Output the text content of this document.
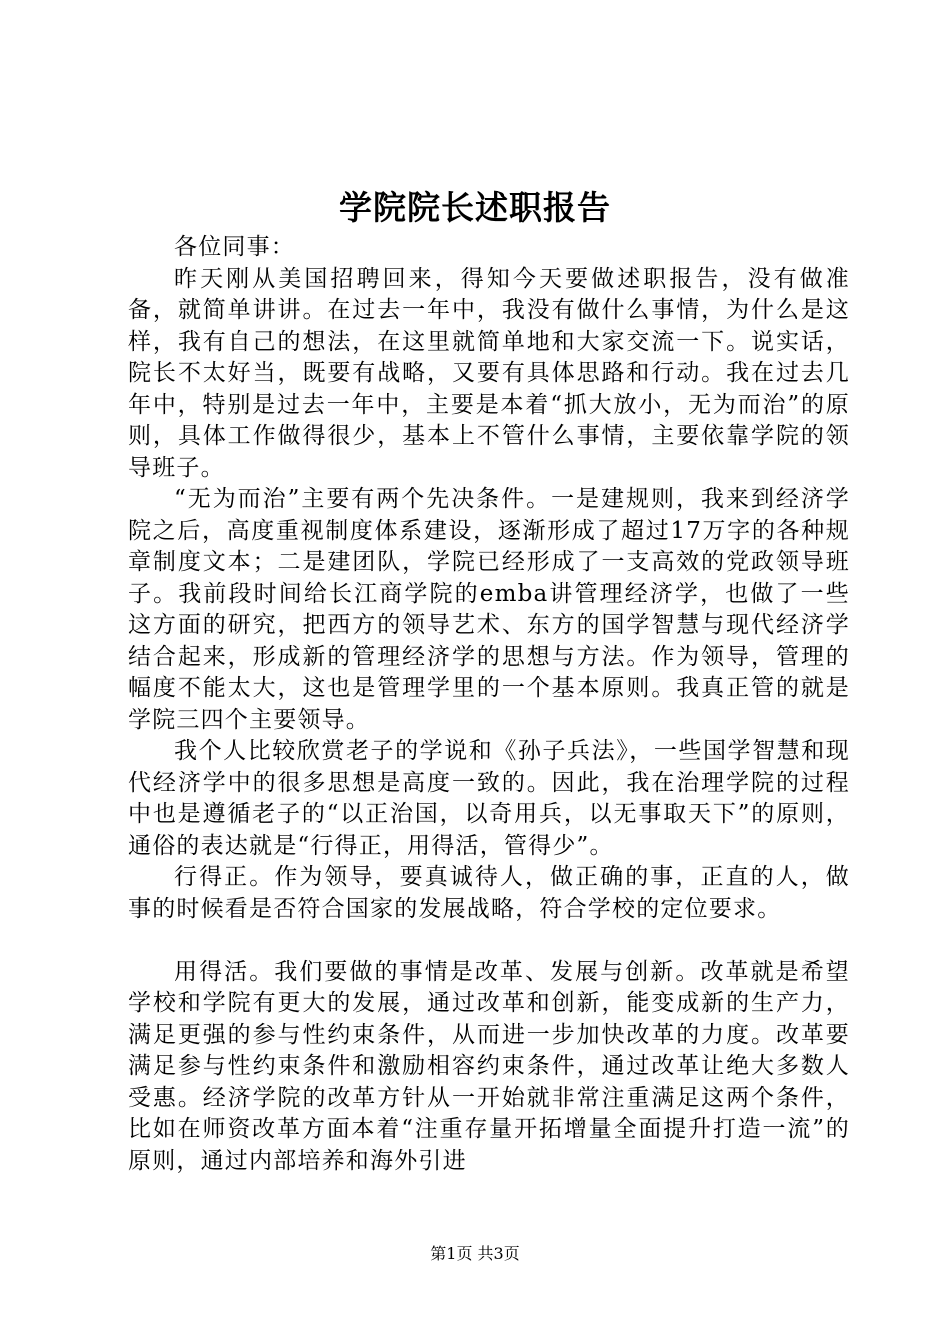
学院院长述职报告

各位同事：

昨天刚从美国招聘回来，得知今天要做述职报告，没有做准备，就简单讲讲。在过去一年中，我没有做什么事情，为什么是这样，我有自己的想法，在这里就简单地和大家交流一下。说实话，院长不太好当，既要有战略，又要有具体思路和行动。我在过去几年中，特别是过去一年中，主要是本着“抓大放小，无为而治”的原则，具体工作做得很少，基本上不管什么事情，主要依靠学院的领导班子。

“无为而治”主要有两个先决条件。一是建规则，我来到经济学院之后，高度重视制度体系建设，逐渐形成了超过17万字的各种规章制度文本；二是建团队，学院已经形成了一支高效的党政领导班子。我前段时间给长江商学院的emba讲管理经济学，也做了一些这方面的研究，把西方的领导艺术、东方的国学智慧与现代经济学结合起来，形成新的管理经济学的思想与方法。作为领导，管理的幅度不能太大，这也是管理学里的一个基本原则。我真正管的就是学院三四个主要领导。

我个人比较欣赏老子的学说和《孙子兵法》，一些国学智慧和现代经济学中的很多思想是高度一致的。因此，我在治理学院的过程中也是遵循老子的“以正治国，以奇用兵，以无事取天下”的原则，通俗的表达就是“行得正，用得活，管得少”。

行得正。作为领导，要真诚待人，做正确的事，正直的人，做事的时候看是否符合国家的发展战略，符合学校的定位要求。

用得活。我们要做的事情是改革、发展与创新。改革就是希望学校和学院有更大的发展，通过改革和创新，能变成新的生产力，满足更强的参与性约束条件，从而进一步加快改革的力度。改革要满足参与性约束条件和激励相容约束条件，通过改革让绝大多数人受惠。经济学院的改革方针从一开始就非常注重满足这两个条件，比如在师资改革方面本着“注重存量开拓增量全面提升打造一流”的原则，通过内部培养和海外引进

第1页 共3页
